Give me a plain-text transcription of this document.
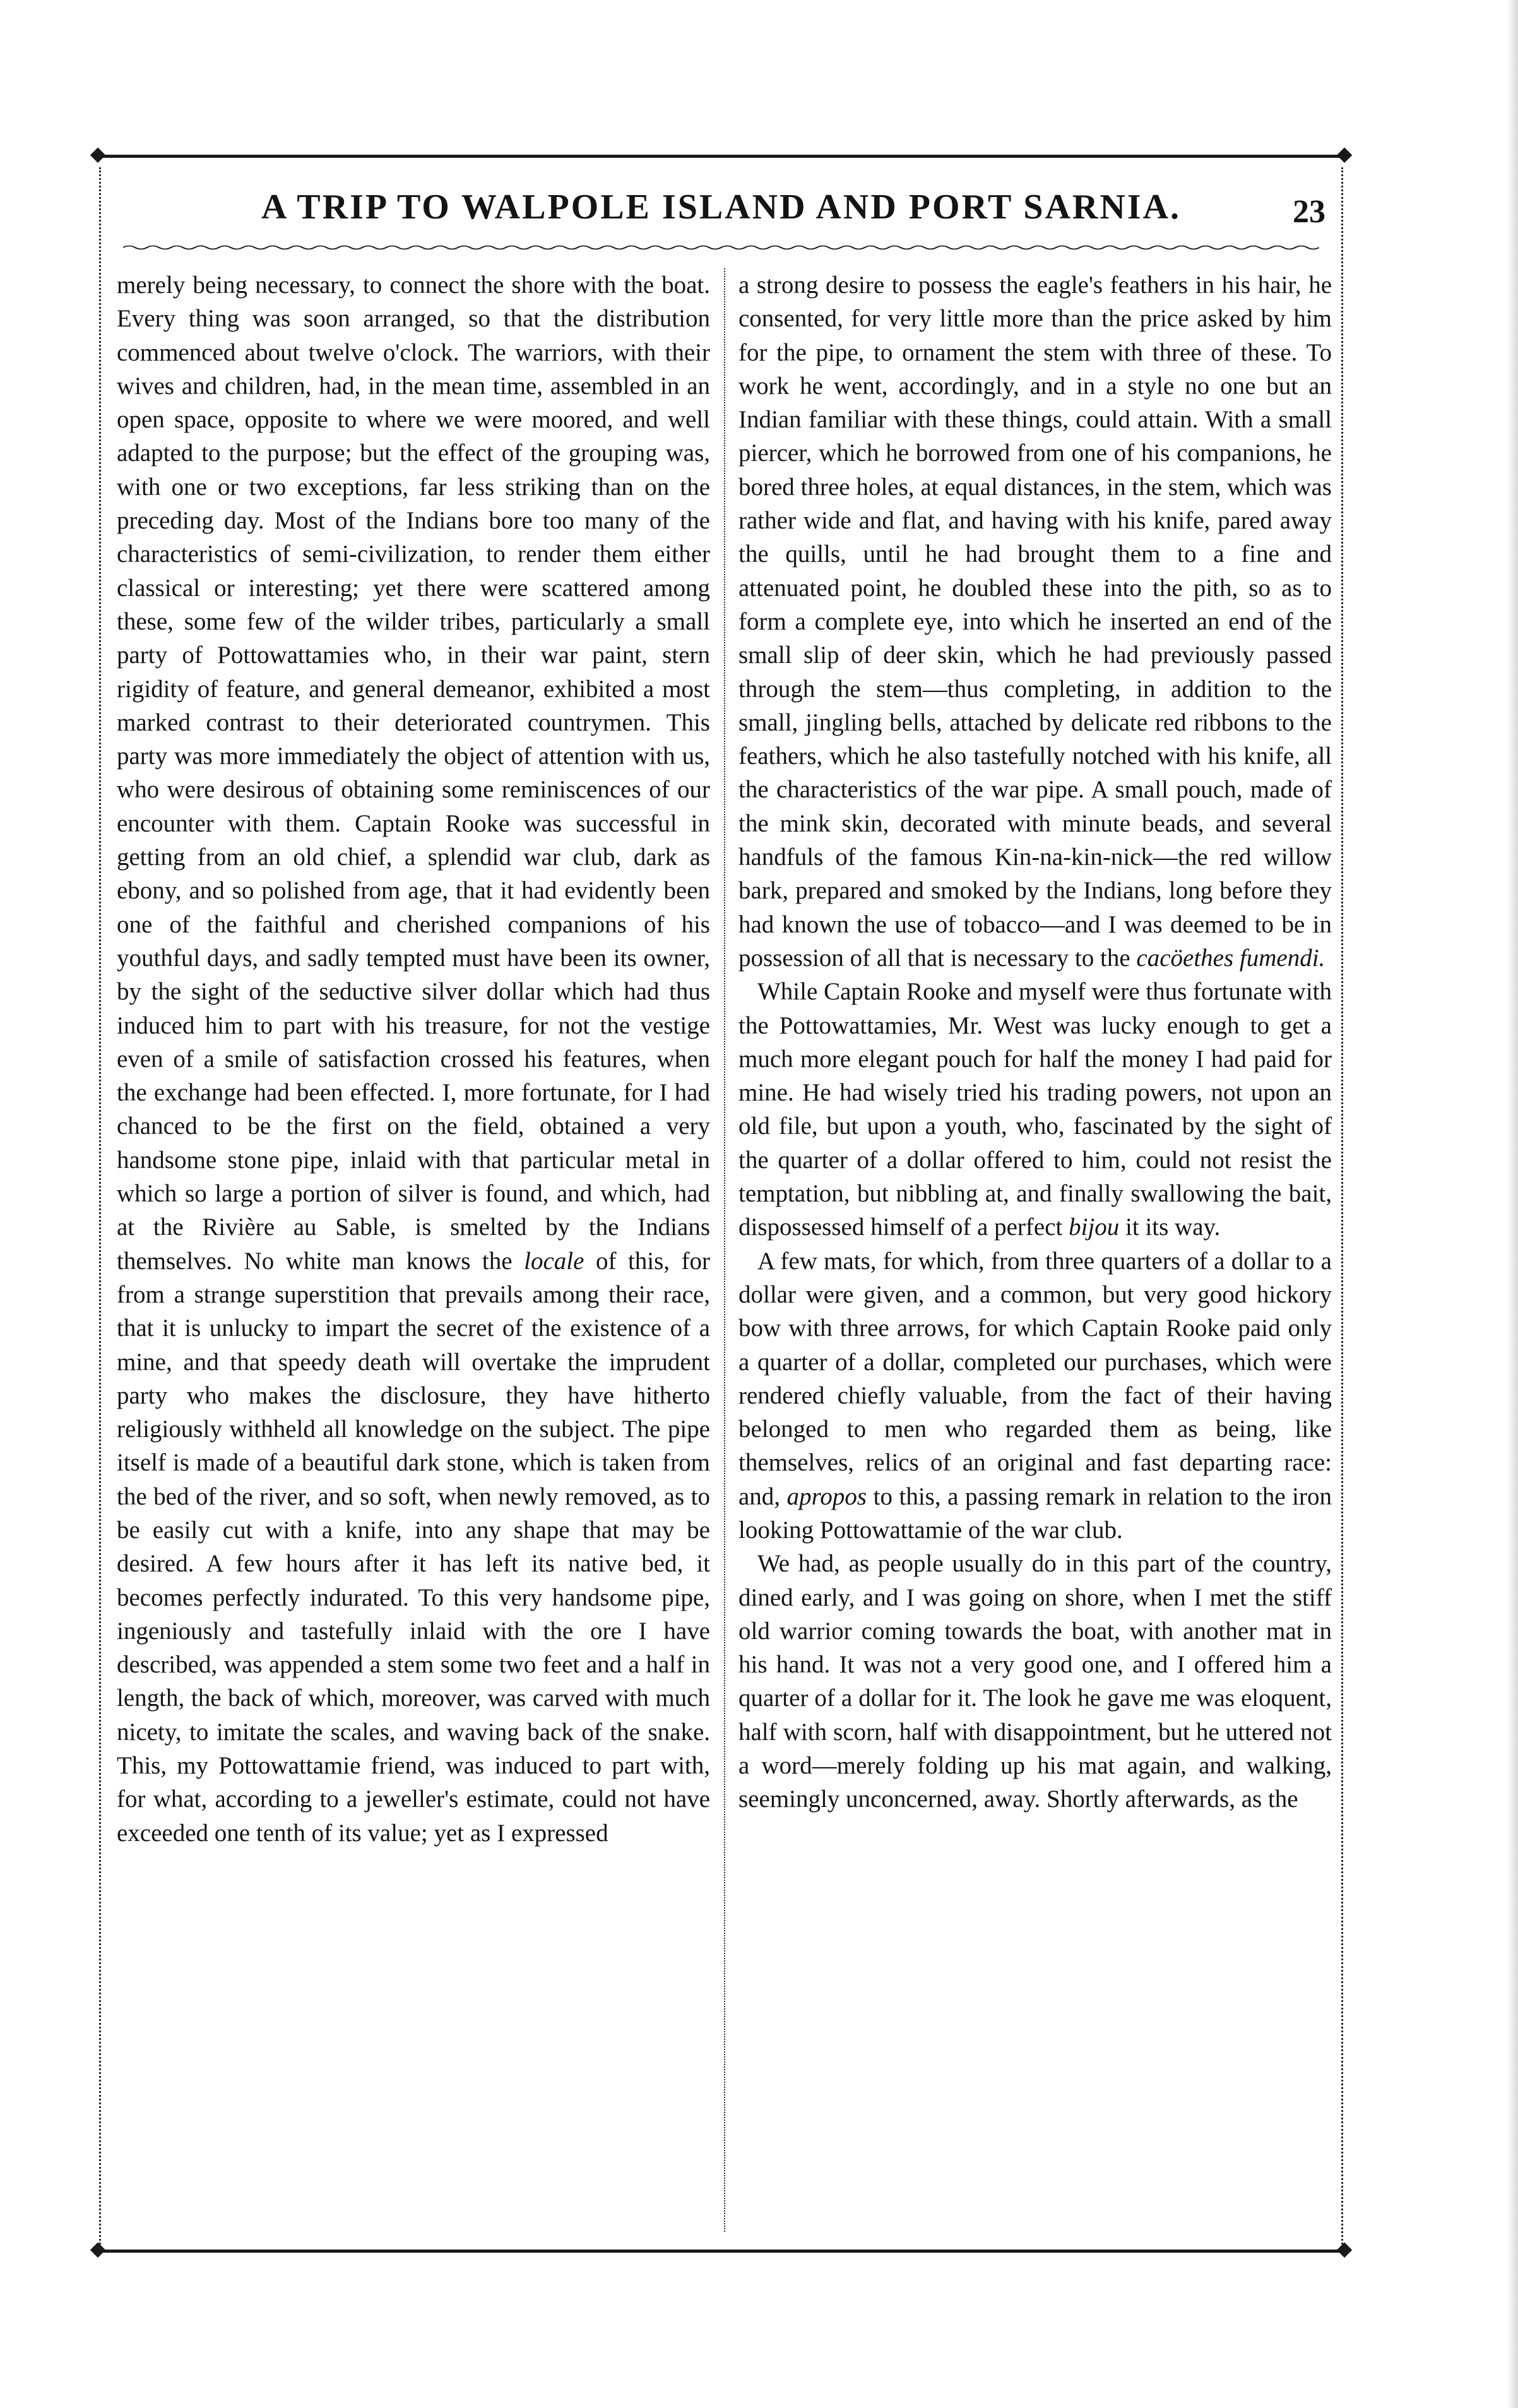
◆	◆
◆	◆
A TRIP TO WALPOLE ISLAND AND PORT SARNIA.	23

merely being necessary, to connect the shore with the boat. Every thing was soon arranged, so that the distribution commenced about twelve o'clock. The warriors, with their wives and children, had, in the mean time, assembled in an open space, opposite to where we were moored, and well adapted to the purpose; but the effect of the grouping was, with one or two exceptions, far less striking than on the preceding day. Most of the Indians bore too many of the characteristics of semi-civilization, to render them either classical or interesting; yet there were scattered among these, some few of the wilder tribes, particularly a small party of Pottowattamies who, in their war paint, stern rigidity of feature, and general demeanor, exhibited a most marked contrast to their deteriorated countrymen. This party was more immediately the object of attention with us, who were desirous of obtaining some reminiscences of our encounter with them. Captain Rooke was successful in getting from an old chief, a splendid war club, dark as ebony, and so polished from age, that it had evidently been one of the faithful and cherished companions of his youthful days, and sadly tempted must have been its owner, by the sight of the seductive silver dollar which had thus induced him to part with his treasure, for not the vestige even of a smile of satisfaction crossed his features, when the exchange had been effected. I, more fortunate, for I had chanced to be the first on the field, obtained a very handsome stone pipe, inlaid with that particular metal in which so large a portion of silver is found, and which, had at the Rivière au Sable, is smelted by the Indians themselves. No white man knows the locale of this, for from a strange superstition that prevails among their race, that it is unlucky to impart the secret of the existence of a mine, and that speedy death will overtake the imprudent party who makes the disclosure, they have hitherto religiously withheld all knowledge on the subject. The pipe itself is made of a beautiful dark stone, which is taken from the bed of the river, and so soft, when newly removed, as to be easily cut with a knife, into any shape that may be desired. A few hours after it has left its native bed, it becomes perfectly indurated. To this very handsome pipe, ingeniously and tastefully inlaid with the ore I have described, was appended a stem some two feet and a half in length, the back of which, moreover, was carved with much nicety, to imitate the scales, and waving back of the snake. This, my Pottowattamie friend, was induced to part with, for what, according to a jeweller's estimate, could not have exceeded one tenth of its value; yet as I expressed

a strong desire to possess the eagle's feathers in his hair, he consented, for very little more than the price asked by him for the pipe, to ornament the stem with three of these. To work he went, accordingly, and in a style no one but an Indian familiar with these things, could attain. With a small piercer, which he borrowed from one of his companions, he bored three holes, at equal distances, in the stem, which was rather wide and flat, and having with his knife, pared away the quills, until he had brought them to a fine and attenuated point, he doubled these into the pith, so as to form a complete eye, into which he inserted an end of the small slip of deer skin, which he had previously passed through the stem—thus completing, in addition to the small, jingling bells, attached by delicate red ribbons to the feathers, which he also tastefully notched with his knife, all the characteristics of the war pipe. A small pouch, made of the mink skin, decorated with minute beads, and several handfuls of the famous Kin-na-kin-nick—the red willow bark, prepared and smoked by the Indians, long before they had known the use of tobacco—and I was deemed to be in possession of all that is necessary to the cacöethes fumendi.

While Captain Rooke and myself were thus fortunate with the Pottowattamies, Mr. West was lucky enough to get a much more elegant pouch for half the money I had paid for mine. He had wisely tried his trading powers, not upon an old file, but upon a youth, who, fascinated by the sight of the quarter of a dollar offered to him, could not resist the temptation, but nibbling at, and finally swallowing the bait, dispossessed himself of a perfect bijou it its way.

A few mats, for which, from three quarters of a dollar to a dollar were given, and a common, but very good hickory bow with three arrows, for which Captain Rooke paid only a quarter of a dollar, completed our purchases, which were rendered chiefly valuable, from the fact of their having belonged to men who regarded them as being, like themselves, relics of an original and fast departing race: and, apropos to this, a passing remark in relation to the iron looking Pottowattamie of the war club.

We had, as people usually do in this part of the country, dined early, and I was going on shore, when I met the stiff old warrior coming towards the boat, with another mat in his hand. It was not a very good one, and I offered him a quarter of a dollar for it. The look he gave me was eloquent, half with scorn, half with disappointment, but he uttered not a word—merely folding up his mat again, and walking, seemingly unconcerned, away. Shortly afterwards, as the
